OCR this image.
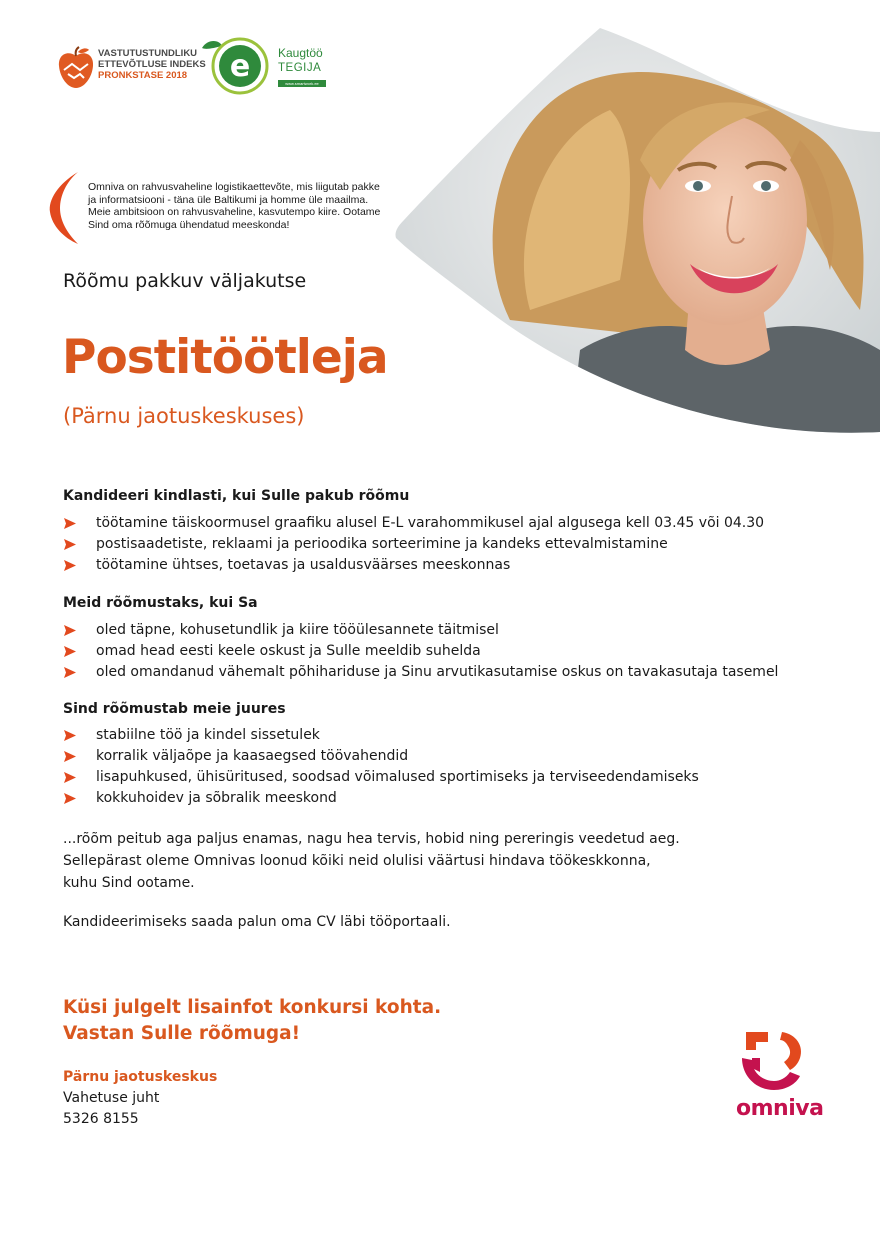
VASTUTUSTUNDLIKU
ETTEVÕTLUSE INDEKS
PRONKSTASE 2018	e Kaugtöö
TEGIJA
www.smartwork.ee
Omniva on rahvusvaheline logistikaettevõte, mis liigutab pakke ja informatsiooni - täna üle Baltikumi ja homme üle maailma. Meie ambitsioon on rahvusvaheline, kasvutempo kiire. Ootame Sind oma rõõmuga ühendatud meeskonda!
Rõõmu pakkuv väljakutse
Postitöötleja
(Pärnu jaotuskeskuses)
Kandideeri kindlasti, kui Sulle pakub rõõmu
töötamine täiskoormusel graafiku alusel E-L varahommikusel ajal algusega kell 03.45 või 04.30
postisaadetiste, reklaami ja perioodika sorteerimine ja kandeks ettevalmistamine
töötamine ühtses, toetavas ja usaldusväärses meeskonnas
Meid rõõmustaks, kui Sa
oled täpne, kohusetundlik ja kiire tööülesannete täitmisel
omad head eesti keele oskust ja Sulle meeldib suhelda
oled omandanud vähemalt põhihariduse ja Sinu arvutikasutamise oskus on tavakasutaja tasemel
Sind rõõmustab meie juures
stabiilne töö ja kindel sissetulek
korralik väljaõpe ja kaasaegsed töövahendid
lisapuhkused, ühisüritused, soodsad võimalused sportimiseks ja terviseedendamiseks
kokkuhoidev ja sõbralik meeskond
...rõõm peitub aga paljus enamas, nagu hea tervis, hobid ning pereringis veedetud aeg.
Sellepärast oleme Omnivas loonud kõiki neid olulisi väärtusi hindava töökeskkonna,
kuhu Sind ootame.
Kandideerimiseks saada palun oma CV läbi tööportaali.
Küsi julgelt lisainfot konkursi kohta.
Vastan Sulle rõõmuga!
Pärnu jaotuskeskus
Vahetuse juht
5326 8155	omniva
